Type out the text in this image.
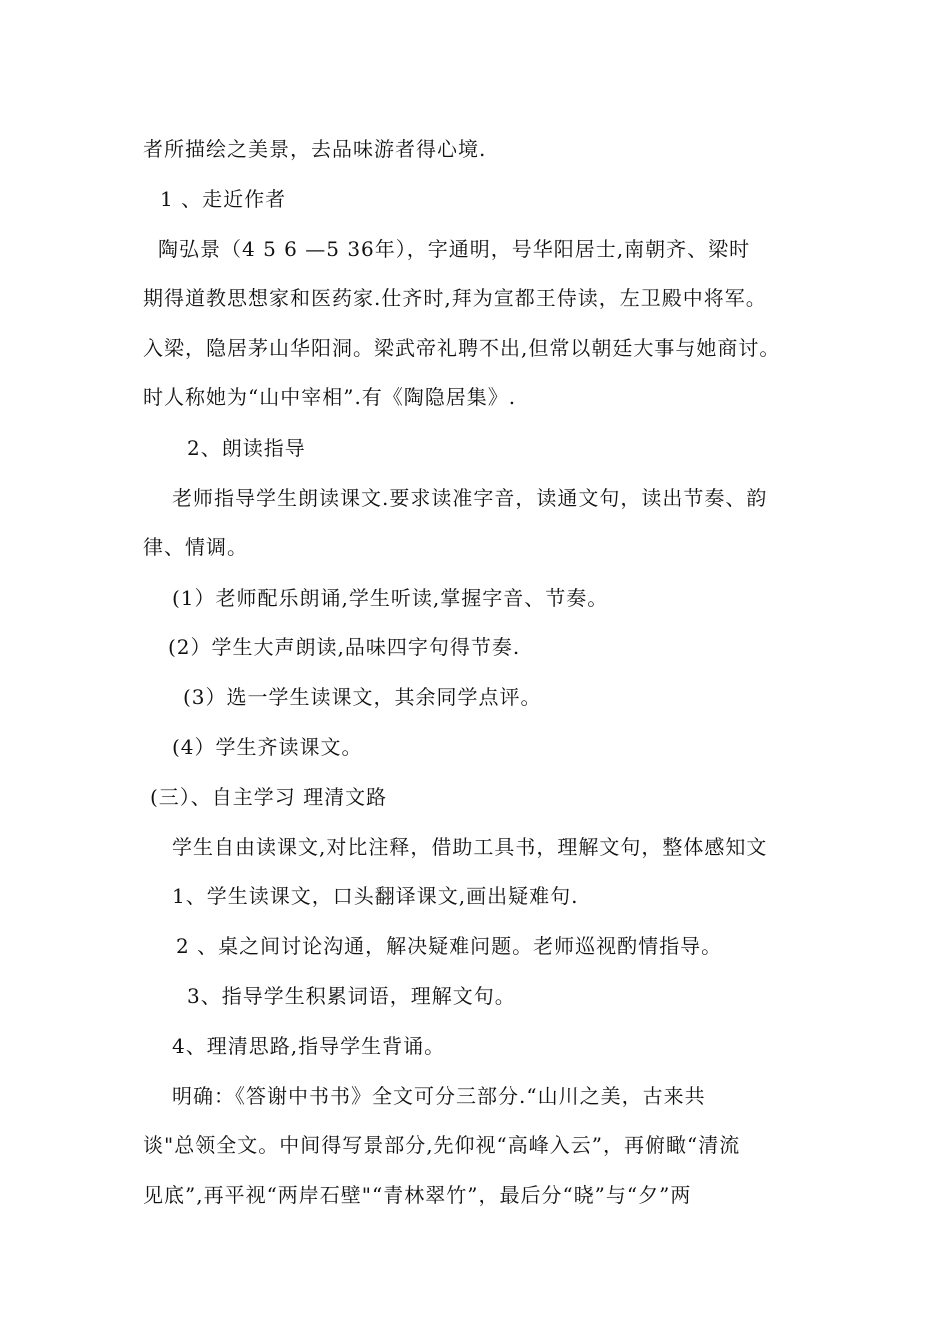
者所描绘之美景，去品味游者得心境.
1 、走近作者
陶弘景（4 5 6 —5 36年），字通明，号华阳居士,南朝齐、梁时
期得道教思想家和医药家.仕齐时,拜为宣都王侍读，左卫殿中将军。
入梁，隐居茅山华阳洞。梁武帝礼聘不出,但常以朝廷大事与她商讨。
时人称她为“山中宰相”.有《陶隐居集》.
2、朗读指导
老师指导学生朗读课文.要求读准字音，读通文句，读出节奏、韵
律、情调。
(1）老师配乐朗诵,学生听读,掌握字音、节奏。
(2）学生大声朗读,品味四字句得节奏.
(3）选一学生读课文，其余同学点评。
(4）学生齐读课文。
(三）、自主学习 理清文路
学生自由读课文,对比注释，借助工具书，理解文句，整体感知文
1、学生读课文，口头翻译课文,画出疑难句.
2 、桌之间讨论沟通，解决疑难问题。老师巡视酌情指导。
3、指导学生积累词语，理解文句。
4、理清思路,指导学生背诵。
明确：《答谢中书书》全文可分三部分.“山川之美，古来共
谈"总领全文。中间得写景部分,先仰视“高峰入云”，再俯瞰“清流
见底”,再平视“两岸石壁"“青林翠竹”，最后分“晓”与“夕”两
